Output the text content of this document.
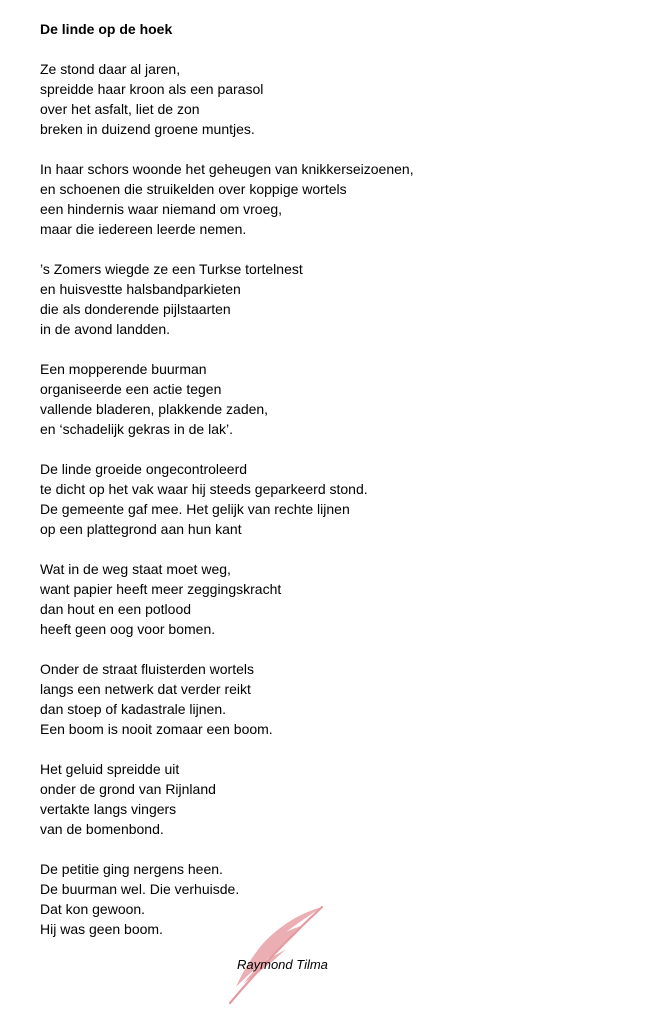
De linde op de hoek
Ze stond daar al jaren,
spreidde haar kroon als een parasol
over het asfalt, liet de zon
breken in duizend groene muntjes.
In haar schors woonde het geheugen van knikkerseizoenen,
en schoenen die struikelden over koppige wortels
een hindernis waar niemand om vroeg,
maar die iedereen leerde nemen.
’s Zomers wiegde ze een Turkse tortelnest
en huisvestte halsbandparkieten
die als donderende pijlstaarten
in de avond landden.
Een mopperende buurman
organiseerde een actie tegen
vallende bladeren, plakkende zaden,
en ‘schadelijk gekras in de lak’.
De linde groeide ongecontroleerd
te dicht op het vak waar hij steeds geparkeerd stond.
De gemeente gaf mee. Het gelijk van rechte lijnen
op een plattegrond aan hun kant
Wat in de weg staat moet weg,
want papier heeft meer zeggingskracht
dan hout en een potlood
heeft geen oog voor bomen.
Onder de straat fluisterden wortels
langs een netwerk dat verder reikt
dan stoep of kadastrale lijnen.
Een boom is nooit zomaar een boom.
Het geluid spreidde uit
onder de grond van Rijnland
vertakte langs vingers
van de bomenbond.
De petitie ging nergens heen.
De buurman wel. Die verhuisde.
Dat kon gewoon.
Hij was geen boom.
Raymond Tilma
